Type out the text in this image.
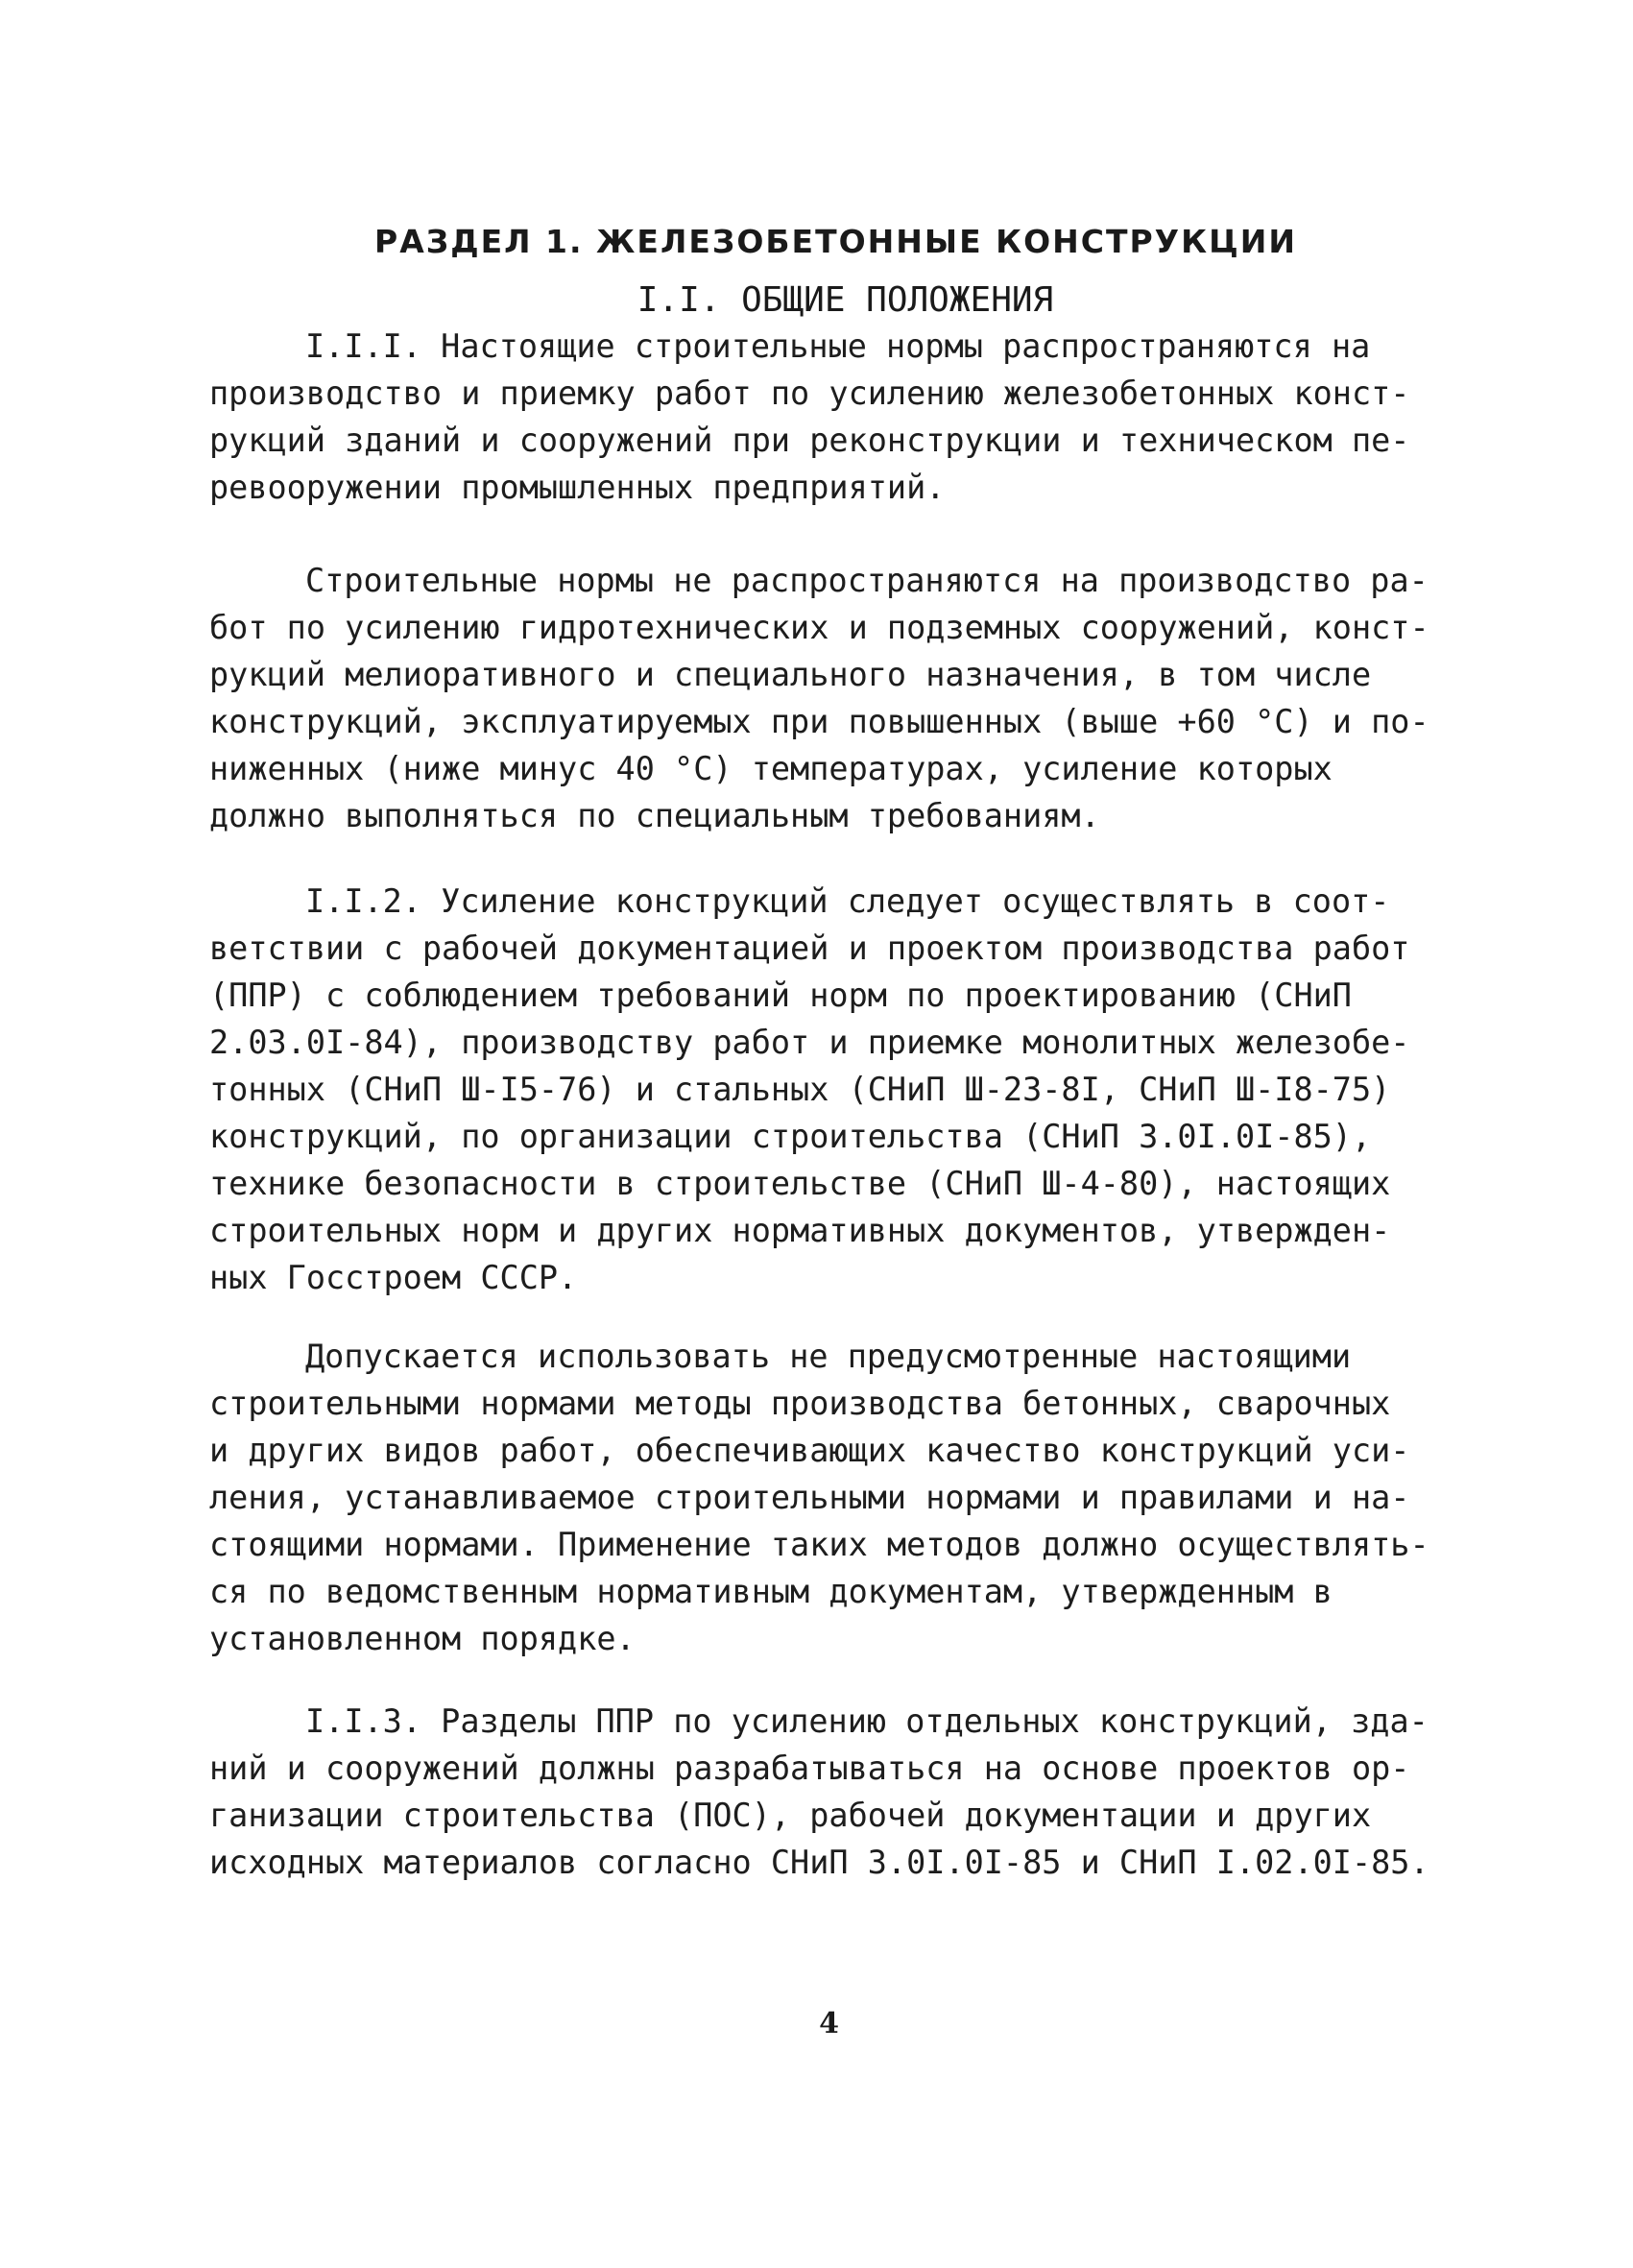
РАЗДЕЛ 1. ЖЕЛЕЗОБЕТОННЫЕ КОНСТРУКЦИИ
I.I. ОБЩИЕ ПОЛОЖЕНИЯ

I.I.I. Настоящие строительные нормы распространяются на
производство и приемку работ по усилению железобетонных конст-
рукций зданий и сооружений при реконструкции и техническом пе-
ревооружении промышленных предприятий.

Строительные нормы не распространяются на производство ра-
бот по усилению гидротехнических и подземных сооружений, конст-
рукций мелиоративного и специального назначения, в том числе
конструкций, эксплуатируемых при повышенных (выше +60 °С) и по-
ниженных (ниже минус 40 °С) температурах, усиление которых
должно выполняться по специальным требованиям.

I.I.2. Усиление конструкций следует осуществлять в соот-
ветствии с рабочей документацией и проектом производства работ
(ППР) с соблюдением требований норм по проектированию (СНиП
2.03.0I-84), производству работ и приемке монолитных железобе-
тонных (СНиП Ш-I5-76) и стальных (СНиП Ш-23-8I, СНиП Ш-I8-75)
конструкций, по организации строительства (СНиП 3.0I.0I-85),
технике безопасности в строительстве (СНиП Ш-4-80), настоящих
строительных норм и других нормативных документов, утвержден-
ных Госстроем СССР.

Допускается использовать не предусмотренные настоящими
строительными нормами методы производства бетонных, сварочных
и других видов работ, обеспечивающих качество конструкций уси-
ления, устанавливаемое строительными нормами и правилами и на-
стоящими нормами. Применение таких методов должно осуществлять-
ся по ведомственным нормативным документам, утвержденным в
установленном порядке.

I.I.3. Разделы ППР по усилению отдельных конструкций, зда-
ний и сооружений должны разрабатываться на основе проектов ор-
ганизации строительства (ПОС), рабочей документации и других
исходных материалов согласно СНиП 3.0I.0I-85 и СНиП I.02.0I-85.

4
